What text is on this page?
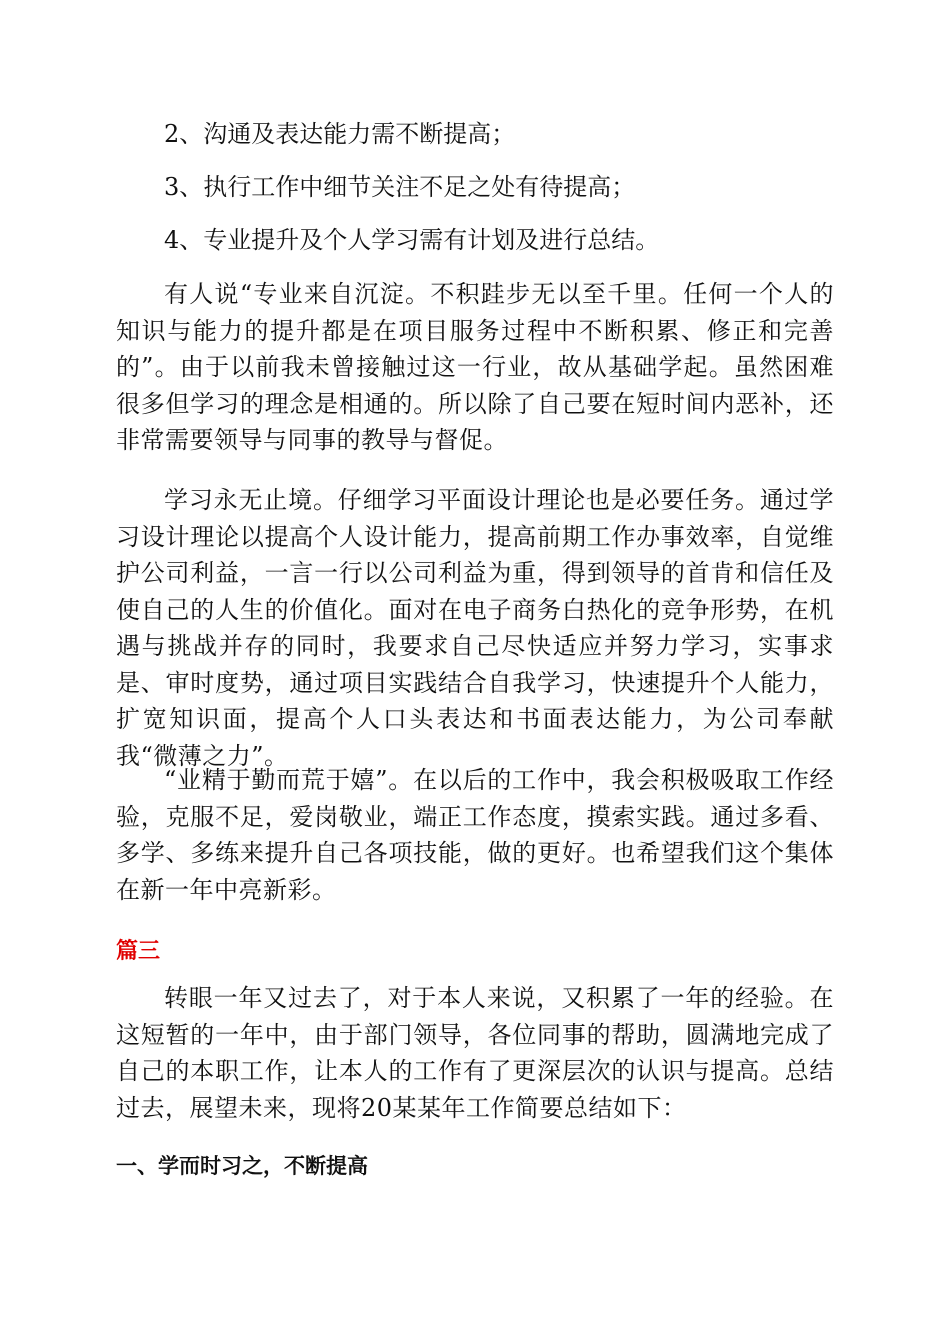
2、沟通及表达能力需不断提高；

3、执行工作中细节关注不足之处有待提高；

4、专业提升及个人学习需有计划及进行总结。

有人说“专业来自沉淀。不积跬步无以至千里。任何一个人的知识与能力的提升都是在项目服务过程中不断积累、修正和完善的”。由于以前我未曾接触过这一行业，故从基础学起。虽然困难很多但学习的理念是相通的。所以除了自己要在短时间内恶补，还非常需要领导与同事的教导与督促。

学习永无止境。仔细学习平面设计理论也是必要任务。通过学习设计理论以提高个人设计能力，提高前期工作办事效率，自觉维护公司利益，一言一行以公司利益为重，得到领导的首肯和信任及使自己的人生的价值化。面对在电子商务白热化的竞争形势，在机遇与挑战并存的同时，我要求自己尽快适应并努力学习，实事求是、审时度势，通过项目实践结合自我学习，快速提升个人能力，扩宽知识面，提高个人口头表达和书面表达能力，为公司奉献我“微薄之力”。

“业精于勤而荒于嬉”。在以后的工作中，我会积极吸取工作经验，克服不足，爱岗敬业，端正工作态度，摸索实践。通过多看、多学、多练来提升自己各项技能，做的更好。也希望我们这个集体在新一年中亮新彩。

篇三

转眼一年又过去了，对于本人来说，又积累了一年的经验。在这短暂的一年中，由于部门领导，各位同事的帮助，圆满地完成了自己的本职工作，让本人的工作有了更深层次的认识与提高。总结过去，展望未来，现将20某某年工作简要总结如下：

一、学而时习之，不断提高
